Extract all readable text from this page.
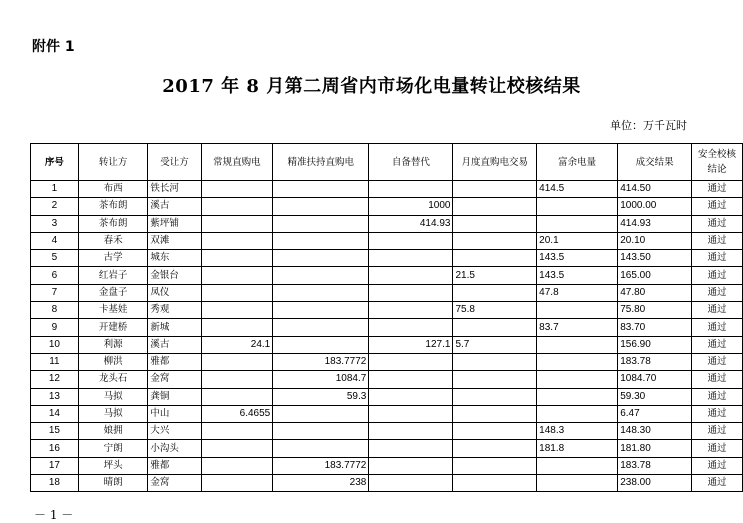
附件 1
2017 年 8 月第二周省内市场化电量转让校核结果
单位：万千瓦时
序号	转让方	受让方	常规直购电	精准扶持直购电	自备替代	月度直购电交易	富余电量	成交结果	安全校核结论
1	布西	铁长河					414.5	414.50	通过
2	茶布朗	溪古			1000			1000.00	通过
3	茶布朗	紫坪铺			414.93			414.93	通过
4	春禾	双滩					20.1	20.10	通过
5	古学	城东					143.5	143.50	通过
6	红岩子	金银台				21.5	143.5	165.00	通过
7	金盘子	凤仪					47.8	47.80	通过
8	卡基娃	秀观				75.8		75.80	通过
9	开建桥	新城					83.7	83.70	通过
10	利源	溪古	24.1		127.1	5.7		156.90	通过
11	柳洪	雅都		183.7772				183.78	通过
12	龙头石	金窝		1084.7				1084.70	通过
13	马拟	龚铜		59.3				59.30	通过
14	马拟	中山	6.4655					6.47	通过
15	娘拥	大兴					148.3	148.30	通过
16	宁朗	小沟头					181.8	181.80	通过
17	坪头	雅都		183.7772				183.78	通过
18	晴朗	金窝		238				238.00	通过
－ 1 －
